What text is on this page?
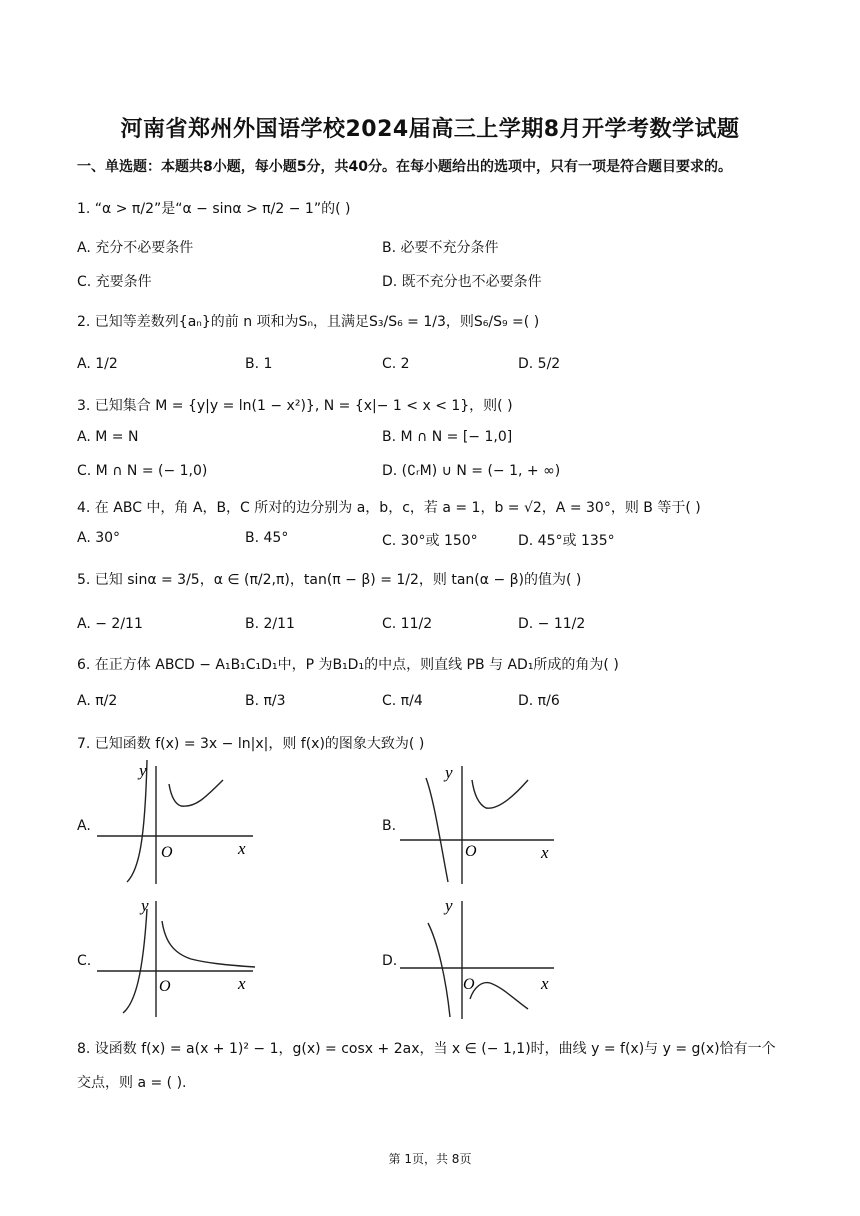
河南省郑州外国语学校2024届高三上学期8月开学考数学试题
一、单选题：本题共8小题，每小题5分，共40分。在每小题给出的选项中，只有一项是符合题目要求的。
1. “α > π/2”是“α − sinα > π/2 − 1”的( )
A. 充分不必要条件	B. 必要不充分条件
C. 充要条件	D. 既不充分也不必要条件
2. 已知等差数列{aₙ}的前 n 项和为Sₙ，且满足S₃/S₆ = 1/3，则S₆/S₉ =( )
A. 1/2	B. 1	C. 2	D. 5/2
3. 已知集合 M = {y|y = ln(1 − x²)}, N = {x|− 1 < x < 1}，则( )
A. M = N	B. M ∩ N = [− 1,0]
C. M ∩ N = (− 1,0)	D. (∁ᵣM) ∪ N = (− 1, + ∞)
4. 在 ABC 中，角 A，B，C 所对的边分别为 a，b，c，若 a = 1，b = √2，A = 30°，则 B 等于( )
A. 30°	B. 45°	C. 30°或 150°	D. 45°或 135°
5. 已知 sinα = 3/5，α ∈ (π/2,π)，tan(π − β) = 1/2，则 tan(α − β)的值为( )
A. − 2/11	B. 2/11	C. 11/2	D. − 11/2
6. 在正方体 ABCD − A₁B₁C₁D₁中，P 为B₁D₁的中点，则直线 PB 与 AD₁所成的角为( )
A. π/2	B. π/3	C. π/4	D. π/6
7. 已知函数 f(x) = 3x − ln|x|，则 f(x)的图象大致为( )
A.
y
x
O
B.
y
x
O
C.
y
x
O
D.
y
x
O
8. 设函数 f(x) = a(x + 1)² − 1，g(x) = cosx + 2ax，当 x ∈ (− 1,1)时，曲线 y = f(x)与 y = g(x)恰有一个
交点，则 a = ( ).
第 1页，共 8页
